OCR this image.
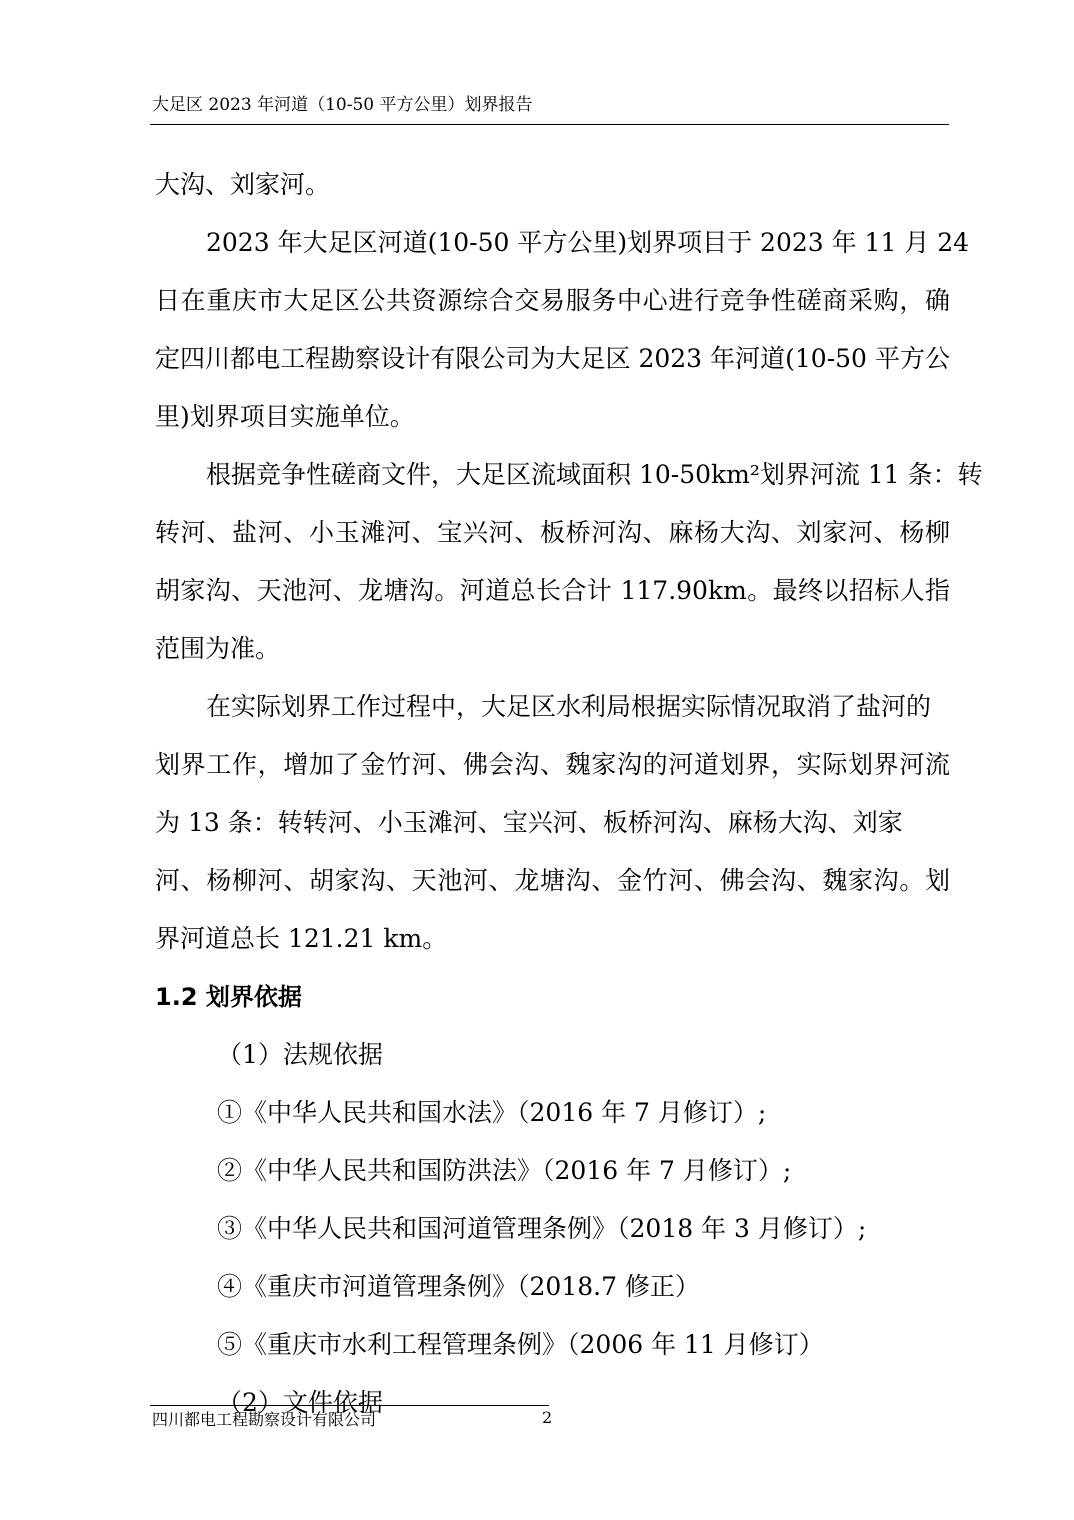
大足区 2023 年河道（10-50 平方公里）划界报告
大沟、刘家河。
2023 年大足区河道(10-50 平方公里)划界项目于 2023 年 11 月 24
日在重庆市大足区公共资源综合交易服务中心进行竞争性磋商采购，确
定四川都电工程勘察设计有限公司为大足区 2023 年河道(10-50 平方公
里)划界项目实施单位。
根据竞争性磋商文件，大足区流域面积 10-50km²划界河流 11 条：转
转河、盐河、小玉滩河、宝兴河、板桥河沟、麻杨大沟、刘家河、杨柳
胡家沟、天池河、龙塘沟。河道总长合计 117.90km。最终以招标人指
范围为准。
在实际划界工作过程中，大足区水利局根据实际情况取消了盐河的
划界工作，增加了金竹河、佛会沟、魏家沟的河道划界，实际划界河流
为 13 条：转转河、小玉滩河、宝兴河、板桥河沟、麻杨大沟、刘家
河、杨柳河、胡家沟、天池河、龙塘沟、金竹河、佛会沟、魏家沟。划
界河道总长 121.21 km。
1.2 划界依据
（1）法规依据
①《中华人民共和国水法》（2016 年 7 月修订）;
②《中华人民共和国防洪法》（2016 年 7 月修订）;
③《中华人民共和国河道管理条例》（2018 年 3 月修订）;
④《重庆市河道管理条例》（2018.7 修正）
⑤《重庆市水利工程管理条例》（2006 年 11 月修订）
（2）文件依据
四川都电工程勘察设计有限公司	2
